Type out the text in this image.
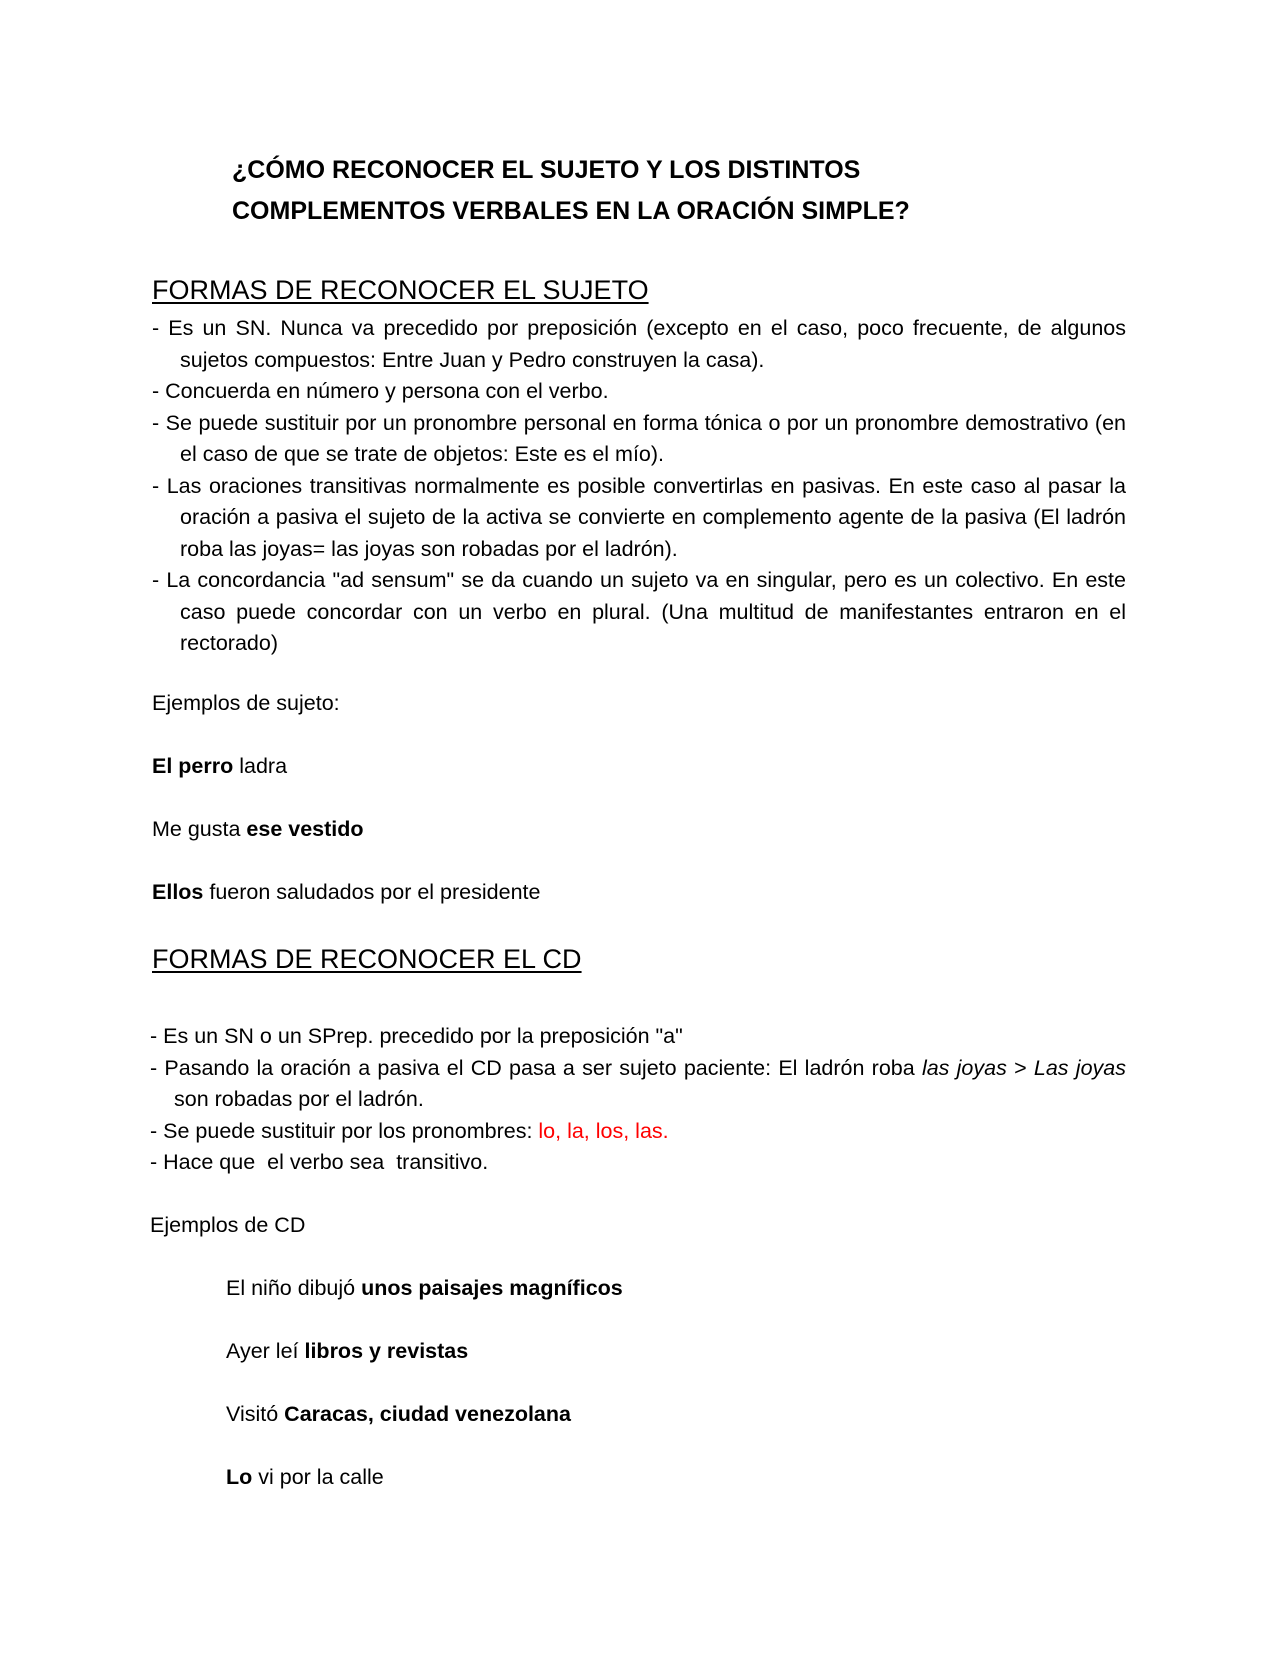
¿CÓMO RECONOCER EL SUJETO Y LOS DISTINTOS
COMPLEMENTOS VERBALES EN LA ORACIÓN SIMPLE?
FORMAS DE RECONOCER EL SUJETO
- Es un SN. Nunca va precedido por preposición (excepto en el caso, poco frecuente, de algunos sujetos compuestos: Entre Juan y Pedro construyen la casa).
- Concuerda en número y persona con el verbo.
- Se puede sustituir por un pronombre personal en forma tónica o por un pronombre demostrativo (en el caso de que se trate de objetos: Este es el mío).
- Las oraciones transitivas normalmente es posible convertirlas en pasivas. En este caso al pasar la oración a pasiva el sujeto de la activa se convierte en complemento agente de la pasiva (El ladrón roba las joyas= las joyas son robadas por el ladrón).
- La concordancia "ad sensum" se da cuando un sujeto va en singular, pero es un colectivo. En este caso puede concordar con un verbo en plural. (Una multitud de manifestantes entraron en el rectorado)
Ejemplos de sujeto:
El perro ladra
Me gusta ese vestido
Ellos fueron saludados por el presidente
FORMAS DE RECONOCER EL CD
- Es un SN o un SPrep. precedido por la preposición "a"
- Pasando la oración a pasiva el CD pasa a ser sujeto paciente: El ladrón roba las joyas > Las joyas son robadas por el ladrón.
- Se puede sustituir por los pronombres: lo, la, los, las.
- Hace que  el verbo sea  transitivo.
Ejemplos de CD
El niño dibujó unos paisajes magníficos
Ayer leí libros y revistas
Visitó Caracas, ciudad venezolana
Lo vi por la calle
